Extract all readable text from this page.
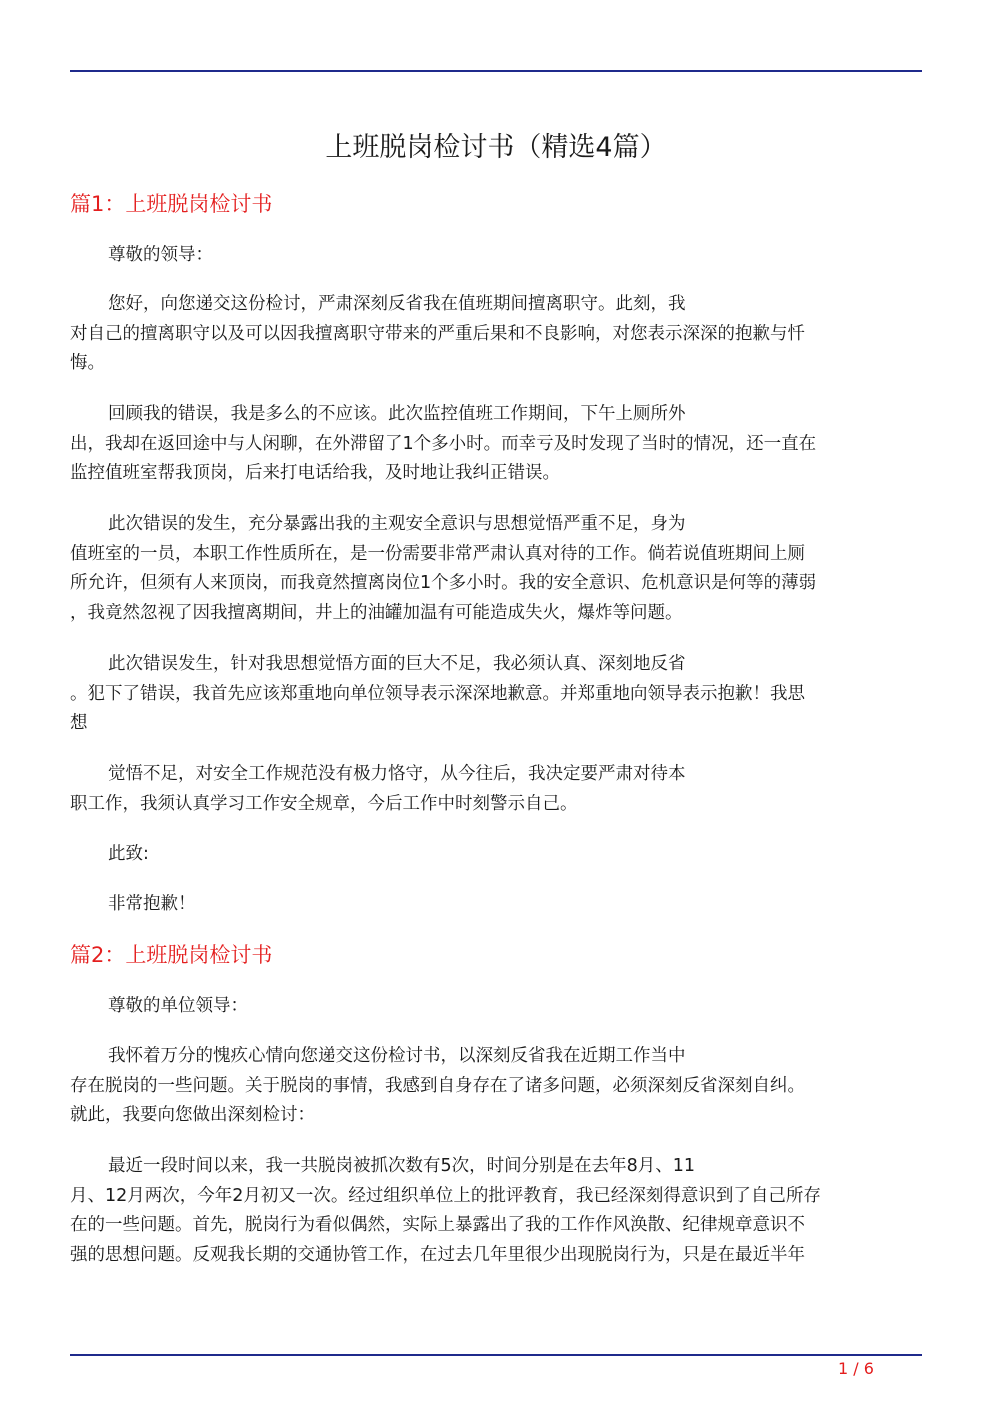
上班脱岗检讨书（精选4篇）
篇1：上班脱岗检讨书
尊敬的领导：
您好，向您递交这份检讨，严肃深刻反省我在值班期间擅离职守。此刻，我
对自己的擅离职守以及可以因我擅离职守带来的严重后果和不良影响，对您表示深深的抱歉与忏
悔。
回顾我的错误，我是多么的不应该。此次监控值班工作期间，下午上厕所外
出，我却在返回途中与人闲聊，在外滞留了1个多小时。而幸亏及时发现了当时的情况，还一直在
监控值班室帮我顶岗，后来打电话给我，及时地让我纠正错误。
此次错误的发生，充分暴露出我的主观安全意识与思想觉悟严重不足，身为
值班室的一员，本职工作性质所在，是一份需要非常严肃认真对待的工作。倘若说值班期间上厕
所允许，但须有人来顶岗，而我竟然擅离岗位1个多小时。我的安全意识、危机意识是何等的薄弱
，我竟然忽视了因我擅离期间，井上的油罐加温有可能造成失火，爆炸等问题。
此次错误发生，针对我思想觉悟方面的巨大不足，我必须认真、深刻地反省
。犯下了错误，我首先应该郑重地向单位领导表示深深地歉意。并郑重地向领导表示抱歉！我思
想
觉悟不足，对安全工作规范没有极力恪守，从今往后，我决定要严肃对待本
职工作，我须认真学习工作安全规章，今后工作中时刻警示自己。
此致:
非常抱歉！
篇2：上班脱岗检讨书
尊敬的单位领导：
我怀着万分的愧疚心情向您递交这份检讨书，以深刻反省我在近期工作当中
存在脱岗的一些问题。关于脱岗的事情，我感到自身存在了诸多问题，必须深刻反省深刻自纠。
就此，我要向您做出深刻检讨：
最近一段时间以来，我一共脱岗被抓次数有5次，时间分别是在去年8月、11
月、12月两次，今年2月初又一次。经过组织单位上的批评教育，我已经深刻得意识到了自己所存
在的一些问题。首先，脱岗行为看似偶然，实际上暴露出了我的工作作风涣散、纪律规章意识不
强的思想问题。反观我长期的交通协管工作，在过去几年里很少出现脱岗行为，只是在最近半年
1 / 6
